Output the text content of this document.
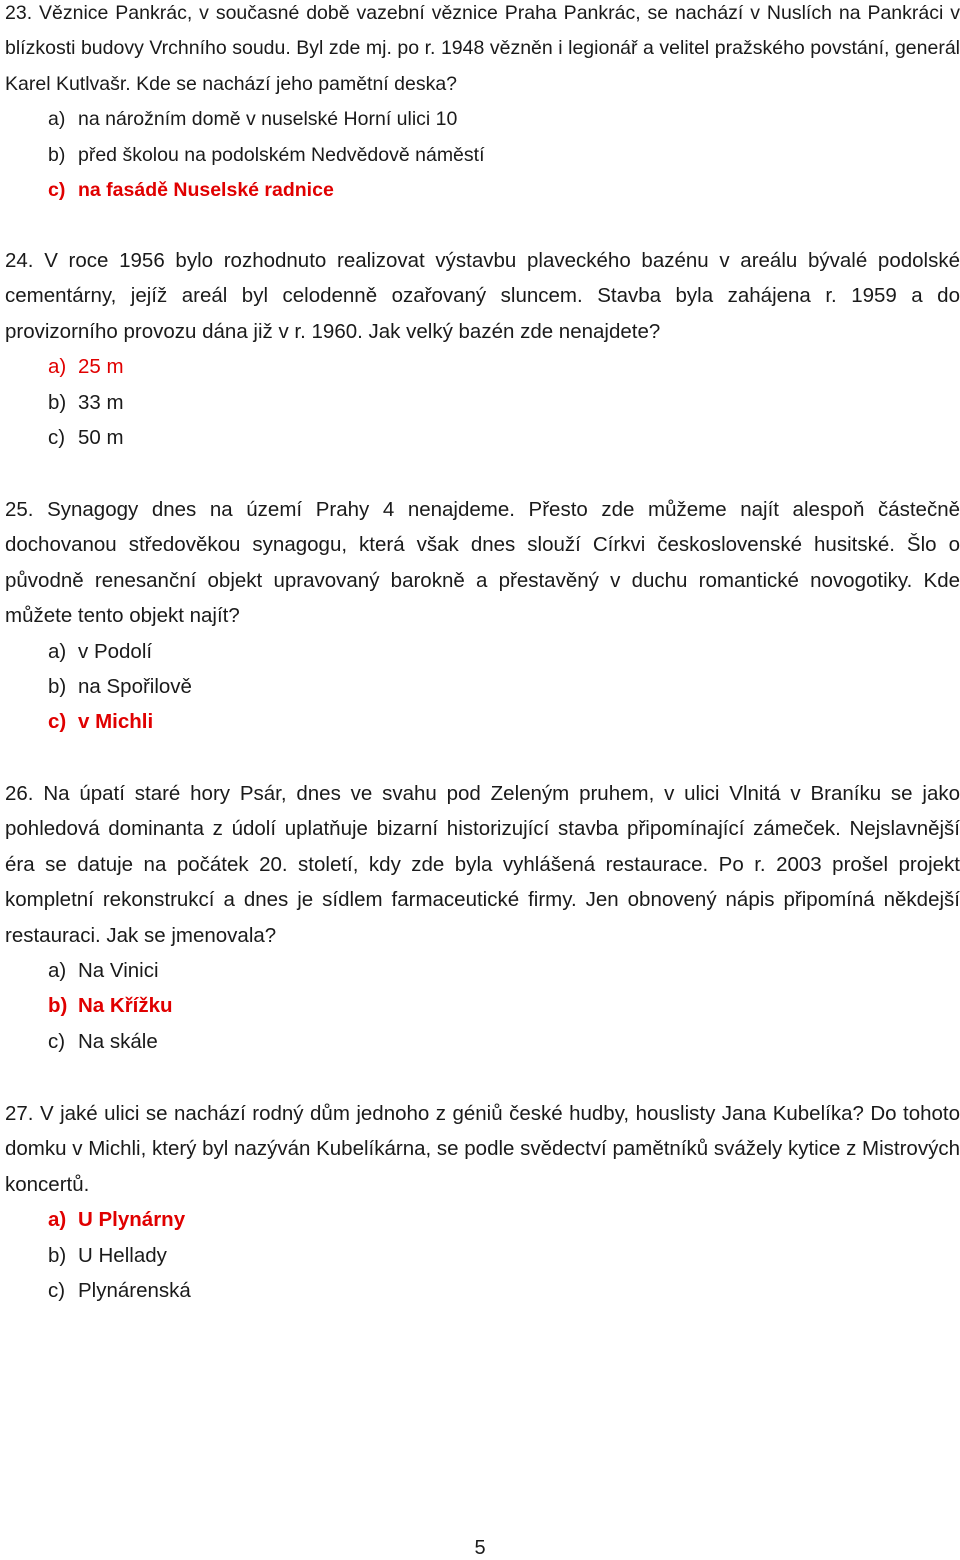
23. Věznice Pankrác, v současné době vazební věznice Praha Pankrác, se nachází v Nuslích na Pankráci v blízkosti budovy Vrchního soudu. Byl zde mj. po r. 1948 vězněn i legionář a velitel pražského povstání, generál Karel Kutlvašr. Kde se nachází jeho pamětní deska?

a) na nárožním domě v nuselské Horní ulici 10
b) před školou na podolském Nedvědově náměstí
c) na fasádě Nuselské radnice

24. V roce 1956 bylo rozhodnuto realizovat výstavbu plaveckého bazénu v areálu bývalé podolské cementárny, jejíž areál byl celodenně ozařovaný sluncem. Stavba byla zahájena r. 1959 a do provizorního provozu dána již v r. 1960. Jak velký bazén zde nenajdete?

a) 25 m
b) 33 m
c) 50 m

25. Synagogy dnes na území Prahy 4 nenajdeme. Přesto zde můžeme najít alespoň částečně dochovanou středověkou synagogu, která však dnes slouží Církvi československé husitské. Šlo o původně renesanční objekt upravovaný barokně a přestavěný v duchu romantické novogotiky. Kde můžete tento objekt najít?

a) v Podolí
b) na Spořilově
c) v Michli

26. Na úpatí staré hory Psár, dnes ve svahu pod Zeleným pruhem, v ulici Vlnitá v Braníku se jako pohledová dominanta z údolí uplatňuje bizarní historizující stavba připomínající zámeček. Nejslavnější éra se datuje na počátek 20. století, kdy zde byla vyhlášená restaurace. Po r. 2003 prošel projekt kompletní rekonstrukcí a dnes je sídlem farmaceutické firmy. Jen obnovený nápis připomíná někdejší restauraci. Jak se jmenovala?

a) Na Vinici
b) Na Křížku
c) Na skále

27. V jaké ulici se nachází rodný dům jednoho z géniů české hudby, houslisty Jana Kubelíka? Do tohoto domku v Michli, který byl nazýván Kubelíkárna, se podle svědectví pamětníků svážely kytice z Mistrových koncertů.

a) U Plynárny
b) U Hellady
c) Plynárenská
5
